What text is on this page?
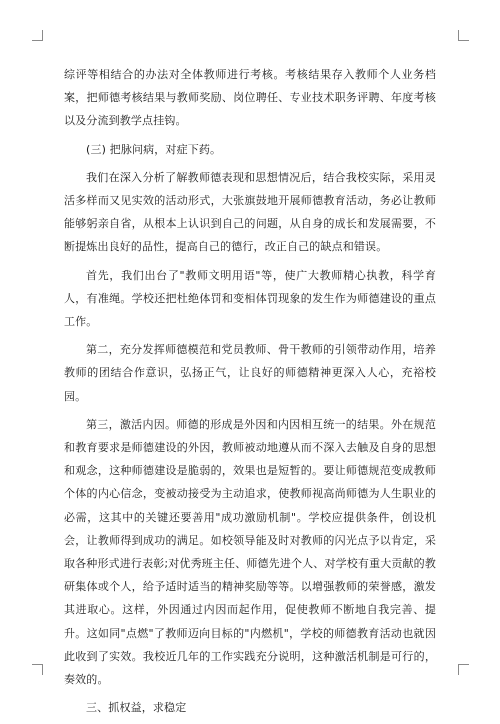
综评等相结合的办法对全体教师进行考核。考核结果存入教师个人业务档案，把师德考核结果与教师奖励、岗位聘任、专业技术职务评聘、年度考核以及分流到教学点挂钩。

(三) 把脉问病，对症下药。

我们在深入分析了解教师德表现和思想情况后，结合我校实际，采用灵活多样而又见实效的活动形式，大张旗鼓地开展师德教育活动，务必让教师能够躬亲自省，从根本上认识到自己的问题，从自身的成长和发展需要，不断提炼出良好的品性，提高自己的德行，改正自己的缺点和错误。

首先，我们出台了"教师文明用语"等，使广大教师精心执教，科学育人，有准绳。学校还把杜绝体罚和变相体罚现象的发生作为师德建设的重点工作。

第二，充分发挥师德模范和党员教师、骨干教师的引领带动作用，培养教师的团结合作意识，弘扬正气，让良好的师德精神更深入人心，充裕校园。

第三，激活内因。师德的形成是外因和内因相互统一的结果。外在规范和教育要求是师德建设的外因，教师被动地遵从而不深入去触及自身的思想和观念，这种师德建设是脆弱的，效果也是短暂的。要让师德规范变成教师个体的内心信念，变被动接受为主动追求，使教师视高尚师德为人生职业的必需，这其中的关键还要善用"成功激励机制"。学校应提供条件，创设机会，让教师得到成功的满足。如校领导能及时对教师的闪光点予以肯定，采取各种形式进行表彰;对优秀班主任、师德先进个人、对学校有重大贡献的教研集体或个人，给予适时适当的精神奖励等等。以增强教师的荣誉感，激发其进取心。这样，外因通过内因而起作用，促使教师不断地自我完善、提升。这如同"点燃"了教师迈向目标的"内燃机"，学校的师德教育活动也就因此收到了实效。我校近几年的工作实践充分说明，这种激活机制是可行的，奏效的。

三、抓权益，求稳定
